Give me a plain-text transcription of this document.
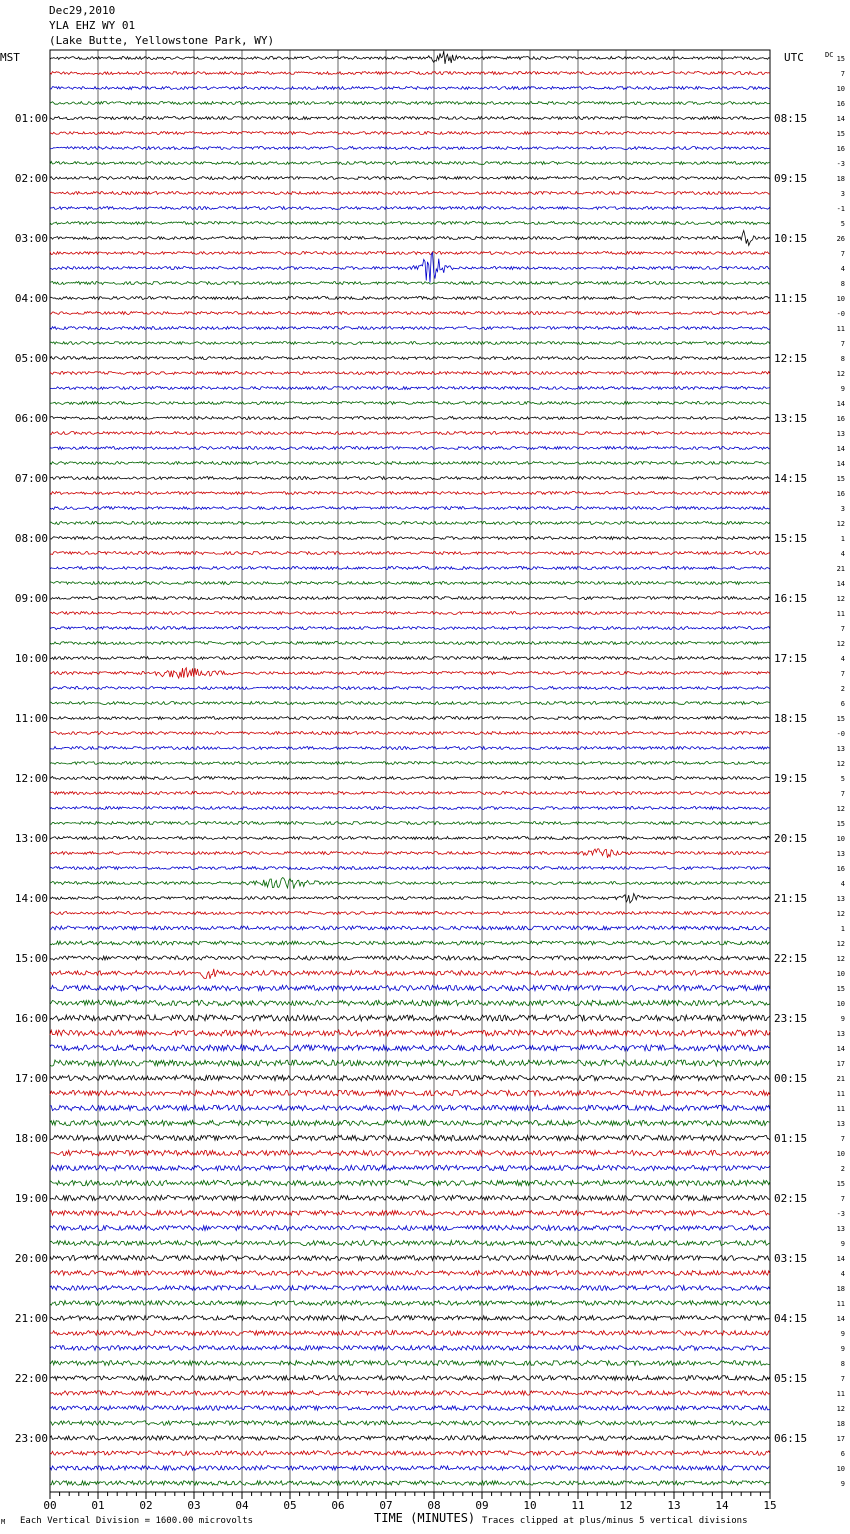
Dec29,2010
YLA EHZ WY 01
(Lake Butte, Yellowstone Park, WY)
00	01	02	03	04	05	06	07	08	09	10	11	12	13	14	15
MST	UTC	DC
01:00
02:00
03:00
04:00
05:00
06:00
07:00
08:00
09:00
10:00
11:00
12:00
13:00
14:00
15:00
16:00
17:00
18:00
19:00
20:00
21:00
22:00
23:00
08:15
09:15
10:15
11:15
12:15
13:15
14:15
15:15
16:15
17:15
18:15
19:15
20:15
21:15
22:15
23:15
00:15
01:15
02:15
03:15
04:15
05:15
06:15
15
7
10
16
14
15
16
-3
18
3
-1
5
26
7
4
8
10
-0
11
7
8
12
9
14
16
13
14
14
15
16
3
12
1
4
21
14
12
11
7
12
4
7
2
6
15
-0
13
12
5
7
12
15
10
13
16
4
13
12
1
12
12
10
15
10
9
13
14
17
21
11
11
13
7
10
2
15
7
-3
13
9
14
4
18
11
14
9
9
8
7
11
12
18
17
6
10
9
M Each Vertical Division = 1600.00 microvolts	TIME (MINUTES) Traces clipped at plus/minus 5 vertical divisions
